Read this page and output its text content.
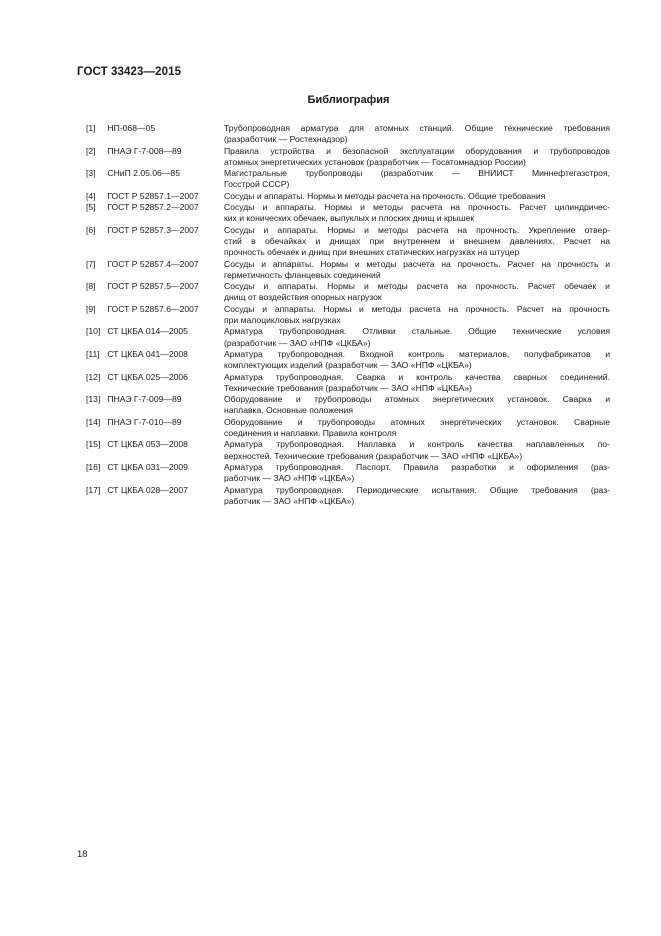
ГОСТ 33423—2015
Библиография
[1] НП-068—05	Трубопроводная арматура для атомных станций. Общие технические требования
(разработчик — Ростехнадзор)
[2] ПНАЭ Г-7-008—89	Правила устройства и безопасной эксплуатации оборудования и трубопроводов
атомных энергетических установок (разработчик — Госатомнадзор России)
[3] СНиП 2.05.06—85	Магистральные трубопроводы (разработчик — ВНИИСТ Миннефтегазстроя,
Госстрой СССР)
[4] ГОСТ Р 52857.1—2007	Сосуды и аппараты. Нормы и методы расчета на прочность. Общие требования
[5] ГОСТ Р 52857.2—2007	Сосуды и аппараты. Нормы и методы расчета на прочность. Расчет цилиндричес-
ких и конических обечаек, выпуклых и плоских днищ и крышек
[6] ГОСТ Р 52857.3—2007	Сосуды и аппараты. Нормы и методы расчета на прочность. Укрепление отвер-
стий в обечайках и днищах при внутреннем и внешнем давлениях. Расчет на
прочность обечаек и днищ при внешних статических нагрузках на штуцер
[7] ГОСТ Р 52857.4—2007	Сосуды и аппараты. Нормы и методы расчета на прочность. Расчет на прочность и
герметичность фланцевых соединений
[8] ГОСТ Р 52857.5—2007	Сосуды и аппараты. Нормы и методы расчета на прочность. Расчет обечаек и
днищ от воздействия опорных нагрузок
[9] ГОСТ Р 52857.6—2007	Сосуды и аппараты. Нормы и методы расчета на прочность. Расчет на прочность
при малоцикловых нагрузках
[10] СТ ЦКБА 014—2005	Арматура трубопроводная. Отливки стальные. Общие технические условия
(разработчик — ЗАО «НПФ «ЦКБА»)
[11] СТ ЦКБА 041—2008	Арматура трубопроводная. Входной контроль материалов, полуфабрикатов и
комплектующих изделий (разработчик — ЗАО «НПФ «ЦКБА»)
[12] СТ ЦКБА 025—2006	Арматура трубопроводная. Сварка и контроль качества сварных соединений.
Технические требования (разработчик — ЗАО «НПФ «ЦКБА»)
[13] ПНАЭ Г-7-009—89	Оборудование и трубопроводы атомных энергетических установок. Сварка и
наплавка. Основные положения
[14] ПНАЭ Г-7-010—89	Оборудование и трубопроводы атомных энергетических установок. Сварные
соединения и наплавки. Правила контроля
[15] СТ ЦКБА 053—2008	Арматура трубопроводная. Наплавка и контроль качества наплавленных по-
верхностей. Технические требования (разработчик — ЗАО «НПФ «ЦКБА»)
[16] СТ ЦКБА 031—2009	Арматура трубопроводная. Паспорт. Правила разработки и оформления (раз-
работчик — ЗАО «НПФ «ЦКБА»)
[17] СТ ЦКБА 028—2007	Арматура трубопроводная. Периодические испытания. Общие требования (раз-
работчик — ЗАО «НПФ «ЦКБА»)
18
